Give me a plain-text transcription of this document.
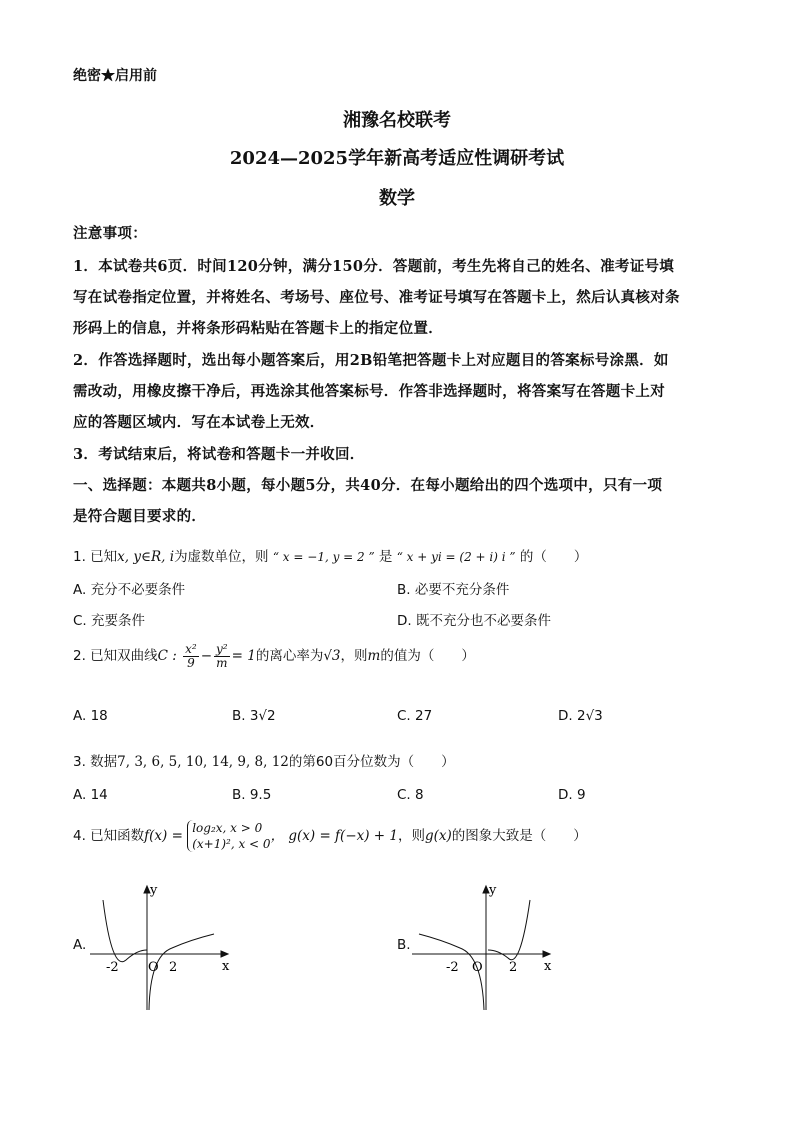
绝密★启用前
湘豫名校联考
2024—2025学年新高考适应性调研考试
数学
注意事项：
1．本试卷共6页．时间120分钟，满分150分．答题前，考生先将自己的姓名、准考证号填
写在试卷指定位置，并将姓名、考场号、座位号、准考证号填写在答题卡上，然后认真核对条
形码上的信息，并将条形码粘贴在答题卡上的指定位置．
2．作答选择题时，选出每小题答案后，用2B铅笔把答题卡上对应题目的答案标号涂黑．如
需改动，用橡皮擦干净后，再选涂其他答案标号．作答非选择题时，将答案写在答题卡上对
应的答题区域内．写在本试卷上无效．
3．考试结束后，将试卷和答题卡一并收回．
一、选择题：本题共8小题，每小题5分，共40分．在每小题给出的四个选项中，只有一项
是符合题目要求的．
1. 已知x, y∈R, i为虚数单位，则 “ x = −1, y = 2 ” 是 “ x + yi = (2 + i) i ” 的（　　）
A. 充分不必要条件	B. 必要不充分条件
C. 充要条件	D. 既不充分也不必要条件
2. 已知双曲线C : $\frac{\text{x²}}{9} - \frac{\text{y²}}{m} = 1$的离心率为√3，则m的值为（　　）
A. 18	B. 3√2	C. 27	D. 2√3
3. 数据7, 3, 6, 5, 10, 14, 9, 8, 12的第60百分位数为（　　）
A. 14	B. 9.5	C. 8	D. 9
4. 已知函数f(x) =
log₂x, x > 0
(x+1)², x < 0 ， g(x) = f(−x) + 1，则g(x)的图象大致是（　　）
A.	B.
y
x
O
-2	2
y
x
O
-2	2
